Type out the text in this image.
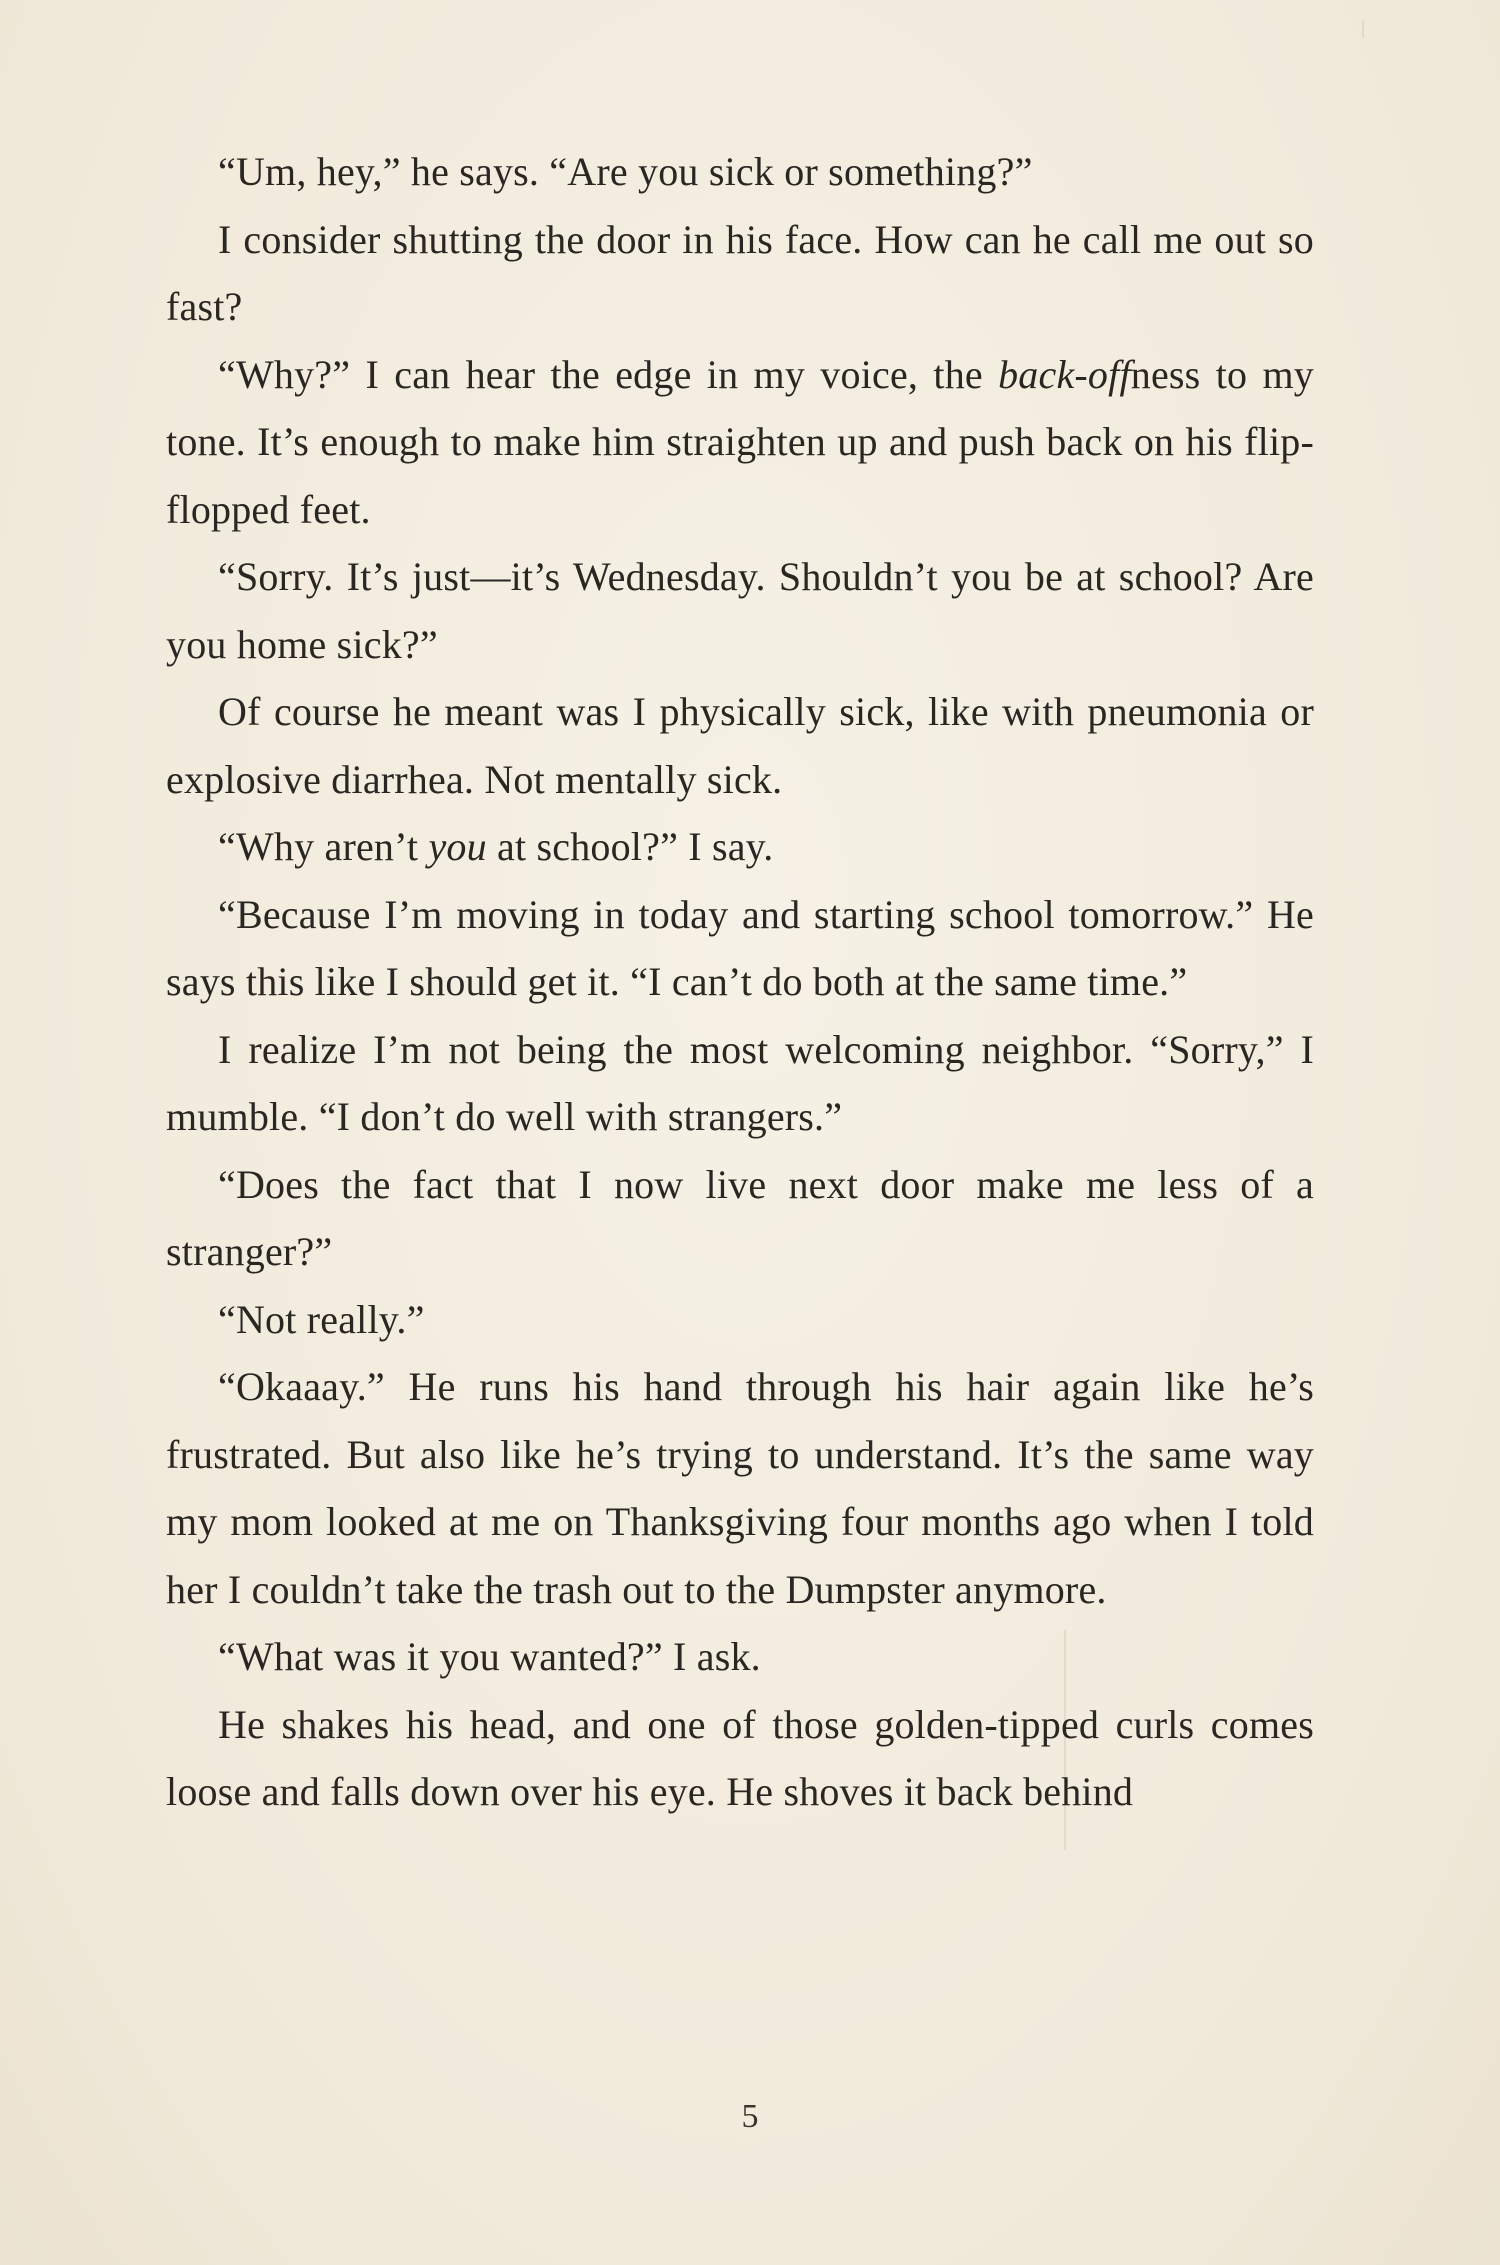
“Um, hey,” he says. “Are you sick or something?”

I consider shutting the door in his face. How can he call me out so fast?

“Why?” I can hear the edge in my voice, the back-offness to my tone. It’s enough to make him straighten up and push back on his flip-flopped feet.

“Sorry. It’s just—it’s Wednesday. Shouldn’t you be at school? Are you home sick?”

Of course he meant was I physically sick, like with pneumonia or explosive diarrhea. Not mentally sick.

“Why aren’t you at school?” I say.

“Because I’m moving in today and starting school tomorrow.” He says this like I should get it. “I can’t do both at the same time.”

I realize I’m not being the most welcoming neighbor. “Sorry,” I mumble. “I don’t do well with strangers.”

“Does the fact that I now live next door make me less of a stranger?”

“Not really.”

“Okaaay.” He runs his hand through his hair again like he’s frustrated. But also like he’s trying to understand. It’s the same way my mom looked at me on Thanksgiving four months ago when I told her I couldn’t take the trash out to the Dumpster anymore.

“What was it you wanted?” I ask.

He shakes his head, and one of those golden-tipped curls comes loose and falls down over his eye. He shoves it back behind

5
